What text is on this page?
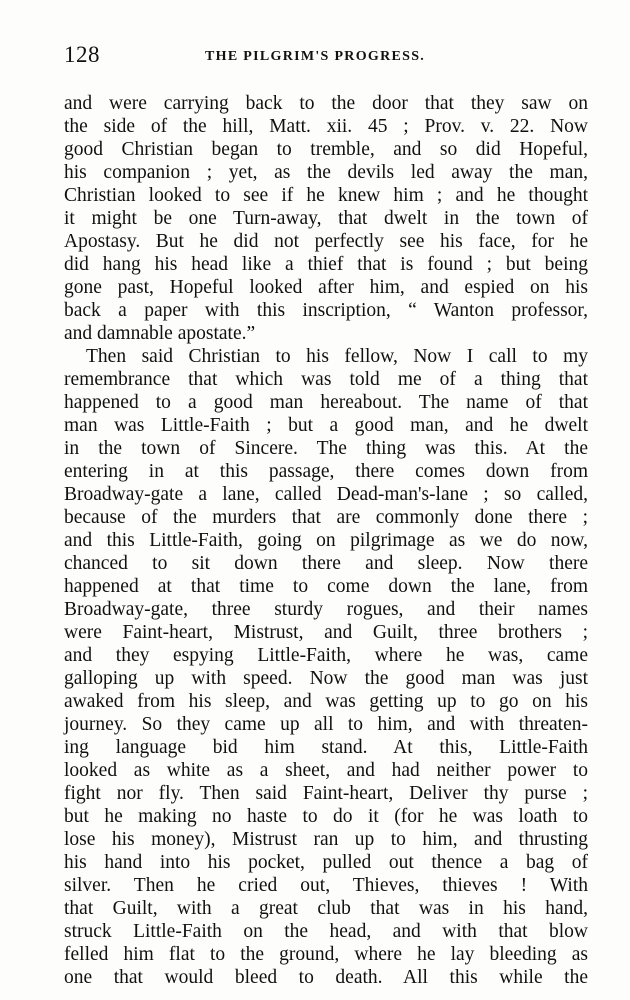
128	THE PILGRIM'S PROGRESS.
and were carrying back to the door that they saw on
the side of the hill, Matt. xii. 45 ; Prov. v. 22. Now
good Christian began to tremble, and so did Hopeful,
his companion ; yet, as the devils led away the man,
Christian looked to see if he knew him ; and he thought
it might be one Turn-away, that dwelt in the town of
Apostasy. But he did not perfectly see his face, for he
did hang his head like a thief that is found ; but being
gone past, Hopeful looked after him, and espied on his
back a paper with this inscription, “ Wanton professor,
and damnable apostate.”
Then said Christian to his fellow, Now I call to my
remembrance that which was told me of a thing that
happened to a good man hereabout. The name of that
man was Little-Faith ; but a good man, and he dwelt
in the town of Sincere. The thing was this. At the
entering in at this passage, there comes down from
Broadway-gate a lane, called Dead-man's-lane ; so called,
because of the murders that are commonly done there ;
and this Little-Faith, going on pilgrimage as we do now,
chanced to sit down there and sleep. Now there
happened at that time to come down the lane, from
Broadway-gate, three sturdy rogues, and their names
were Faint-heart, Mistrust, and Guilt, three brothers ;
and they espying Little-Faith, where he was, came
galloping up with speed. Now the good man was just
awaked from his sleep, and was getting up to go on his
journey. So they came up all to him, and with threaten-
ing language bid him stand. At this, Little-Faith
looked as white as a sheet, and had neither power to
fight nor fly. Then said Faint-heart, Deliver thy purse ;
but he making no haste to do it (for he was loath to
lose his money), Mistrust ran up to him, and thrusting
his hand into his pocket, pulled out thence a bag of
silver. Then he cried out, Thieves, thieves ! With
that Guilt, with a great club that was in his hand,
struck Little-Faith on the head, and with that blow
felled him flat to the ground, where he lay bleeding as
one that would bleed to death. All this while the
